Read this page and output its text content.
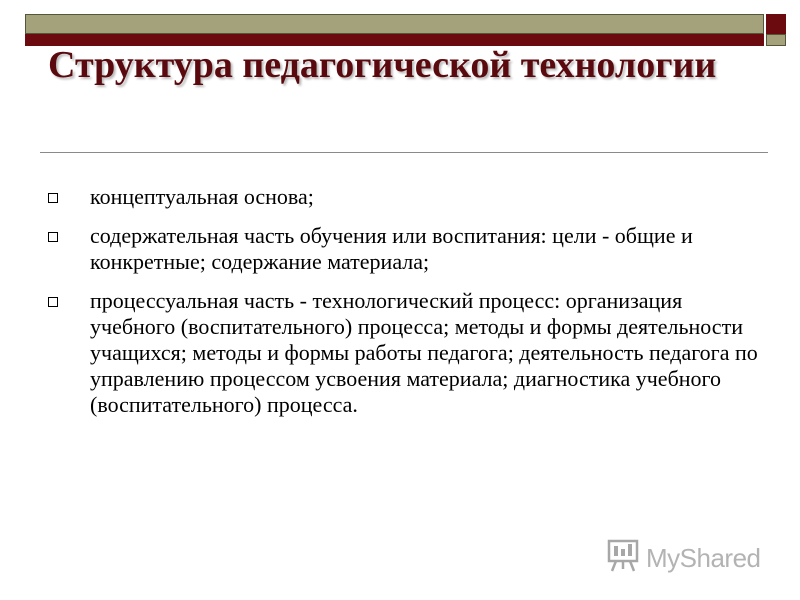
Структура педагогической технологии
концептуальная основа;
содержательная часть обучения или воспитания: цели - общие и конкретные; содержание материала;
процессуальная часть - технологический процесс: организация учебного (воспитательного) процесса; методы и формы деятельности учащихся; методы и формы работы педагога; деятельность педагога по управлению процессом усвоения материала; диагностика учебного (воспитательного) процесса.
MyShared
